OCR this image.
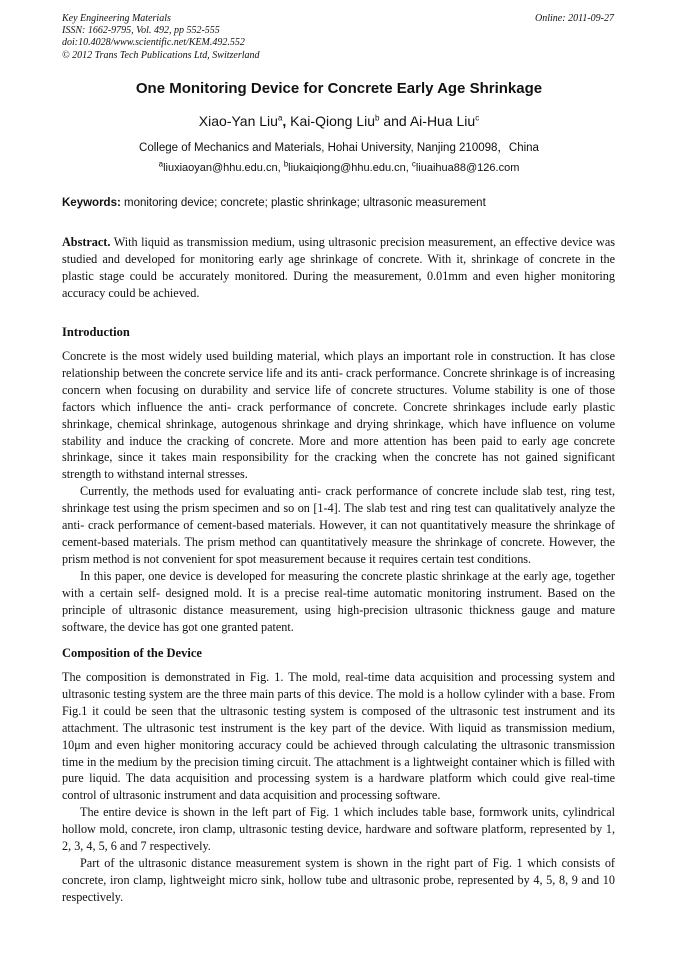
Key Engineering Materials
ISSN: 1662-9795, Vol. 492, pp 552-555
doi:10.4028/www.scientific.net/KEM.492.552
© 2012 Trans Tech Publications Ltd, Switzerland
Online: 2011-09-27
One Monitoring Device for Concrete Early Age Shrinkage
Xiao-Yan Liu$^a$, Kai-Qiong Liu$^b$ and Ai-Hua Liu$^c$
College of Mechanics and Materials, Hohai University, Nanjing 210098，China
$^a$liuxiaoyan@hhu.edu.cn, $^b$liukaiqiong@hhu.edu.cn, $^c$liuaihua88@126.com
Keywords: monitoring device; concrete; plastic shrinkage; ultrasonic measurement

Abstract. With liquid as transmission medium, using ultrasonic precision measurement, an effective device was studied and developed for monitoring early age shrinkage of concrete. With it, shrinkage of concrete in the plastic stage could be accurately monitored. During the measurement, 0.01mm and even higher monitoring accuracy could be achieved.

Introduction

Concrete is the most widely used building material, which plays an important role in construction. It has close relationship between the concrete service life and its anti- crack performance. Concrete shrinkage is of increasing concern when focusing on durability and service life of concrete structures. Volume stability is one of those factors which influence the anti- crack performance of concrete. Concrete shrinkages include early plastic shrinkage, chemical shrinkage, autogenous shrinkage and drying shrinkage, which have influence on volume stability and induce the cracking of concrete. More and more attention has been paid to early age concrete shrinkage, since it takes main responsibility for the cracking when the concrete has not gained significant strength to withstand internal stresses.

Currently, the methods used for evaluating anti- crack performance of concrete include slab test, ring test, shrinkage test using the prism specimen and so on [1-4]. The slab test and ring test can qualitatively analyze the anti- crack performance of cement-based materials. However, it can not quantitatively measure the shrinkage of cement-based materials. The prism method can quantitatively measure the shrinkage of concrete. However, the prism method is not convenient for spot measurement because it requires certain test conditions.

In this paper, one device is developed for measuring the concrete plastic shrinkage at the early age, together with a certain self- designed mold. It is a precise real-time automatic monitoring instrument. Based on the principle of ultrasonic distance measurement, using high-precision ultrasonic thickness gauge and mature software, the device has got one granted patent.

Composition of the Device

The composition is demonstrated in Fig. 1. The mold, real-time data acquisition and processing system and ultrasonic testing system are the three main parts of this device. The mold is a hollow cylinder with a base. From Fig.1 it could be seen that the ultrasonic testing system is composed of the ultrasonic test instrument and its attachment. The ultrasonic test instrument is the key part of the device. With liquid as transmission medium, 10μm and even higher monitoring accuracy could be achieved through calculating the ultrasonic transmission time in the medium by the precision timing circuit. The attachment is a lightweight container which is filled with pure liquid. The data acquisition and processing system is a hardware platform which could give real-time control of ultrasonic instrument and data acquisition and processing software.

The entire device is shown in the left part of Fig. 1 which includes table base, formwork units, cylindrical hollow mold, concrete, iron clamp, ultrasonic testing device, hardware and software platform, represented by 1, 2, 3, 4, 5, 6 and 7 respectively.

Part of the ultrasonic distance measurement system is shown in the right part of Fig. 1 which consists of concrete, iron clamp, lightweight micro sink, hollow tube and ultrasonic probe, represented by 4, 5, 8, 9 and 10 respectively.
